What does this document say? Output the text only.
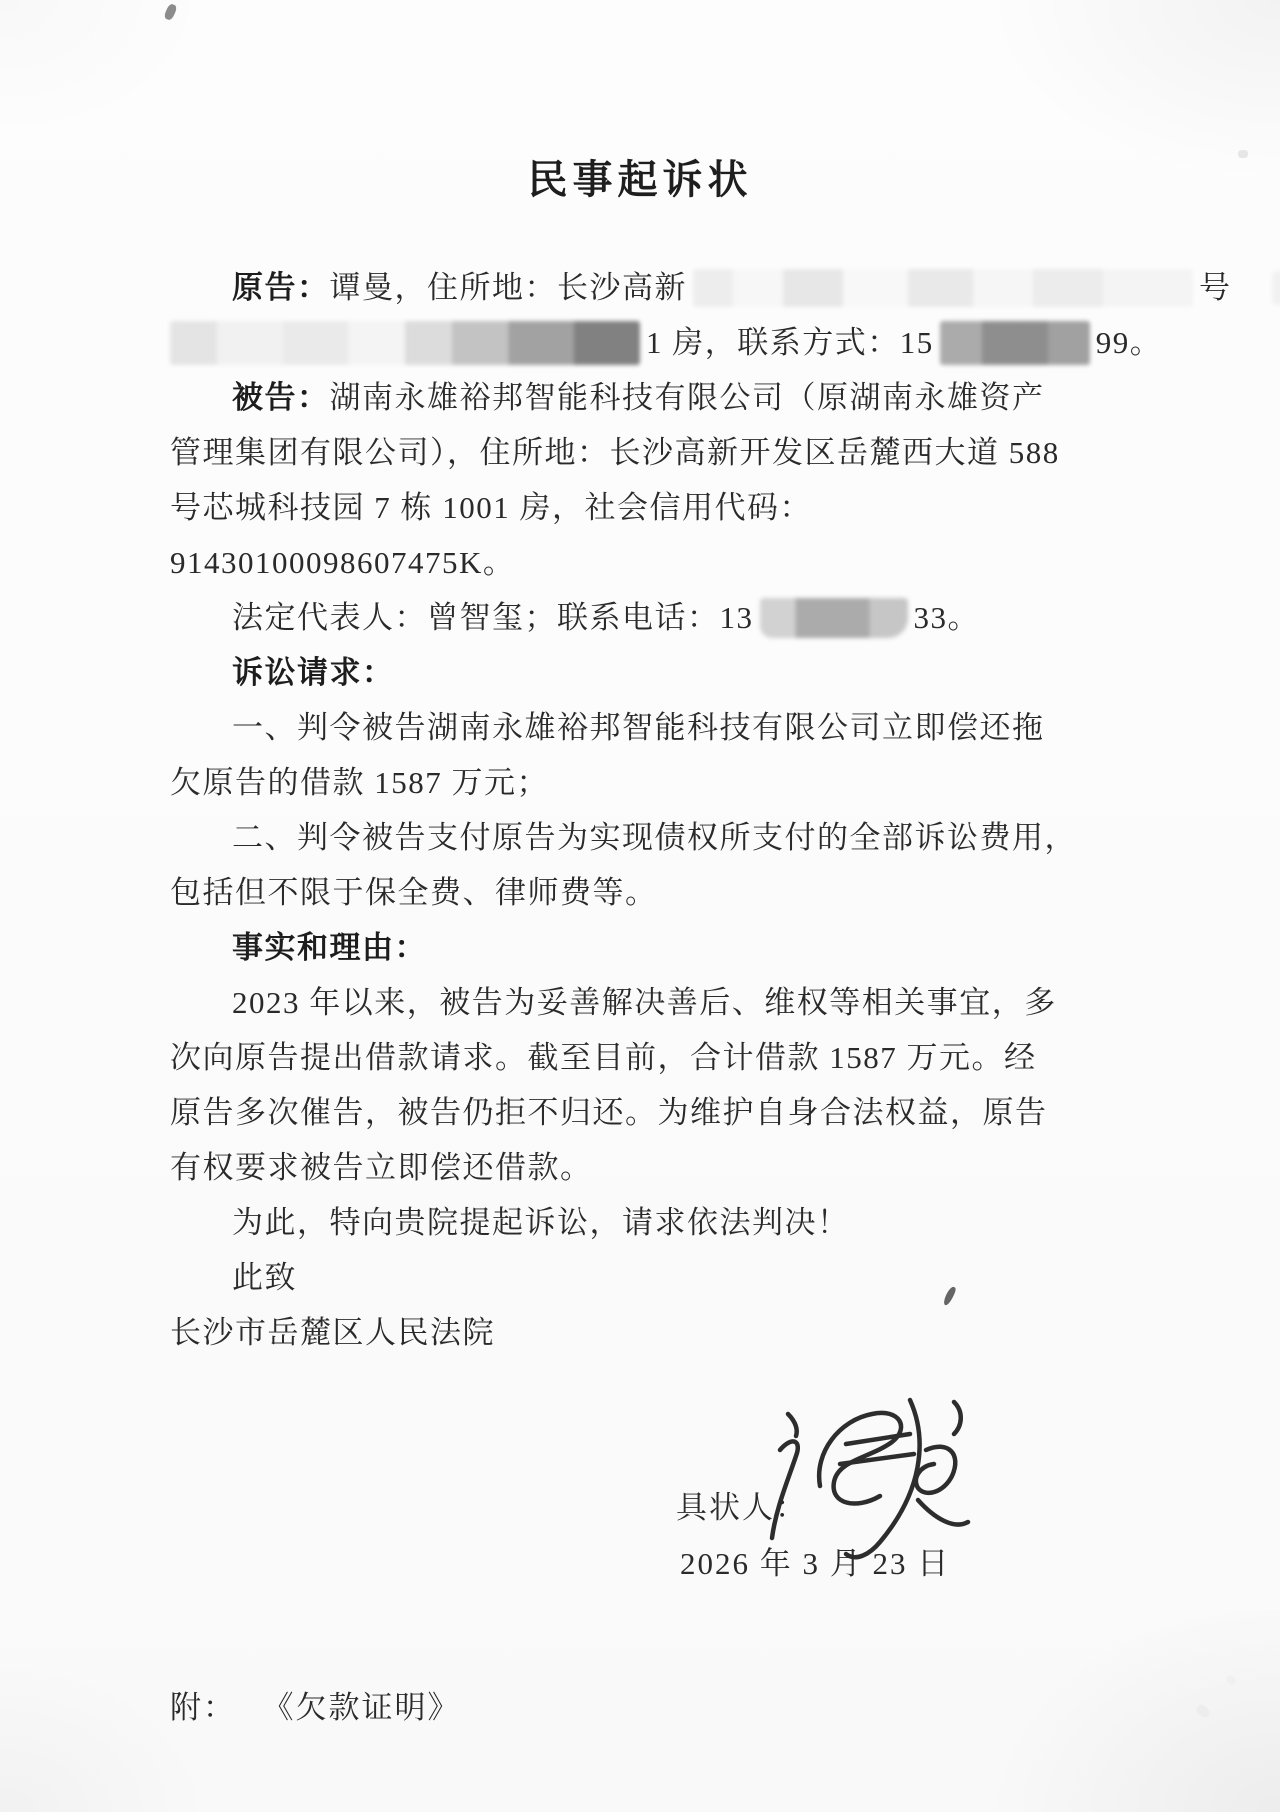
民事起诉状
原告：谭曼，住所地：长沙高新	号
1 房，联系方式：15	99。
被告：湖南永雄裕邦智能科技有限公司（原湖南永雄资产
管理集团有限公司），住所地：长沙高新开发区岳麓西大道 588
号芯城科技园 7 栋 1001 房，社会信用代码：
91430100098607475K。
法定代表人：曾智玺；联系电话：13	33。
诉讼请求：
一、判令被告湖南永雄裕邦智能科技有限公司立即偿还拖
欠原告的借款 1587 万元；
二、判令被告支付原告为实现债权所支付的全部诉讼费用，
包括但不限于保全费、律师费等。
事实和理由：
2023 年以来，被告为妥善解决善后、维权等相关事宜，多
次向原告提出借款请求。截至目前，合计借款 1587 万元。经
原告多次催告，被告仍拒不归还。为维护自身合法权益，原告
有权要求被告立即偿还借款。
为此，特向贵院提起诉讼，请求依法判决！
此致
长沙市岳麓区人民法院
具状人：
2026 年 3 月 23 日
附： 《欠款证明》
